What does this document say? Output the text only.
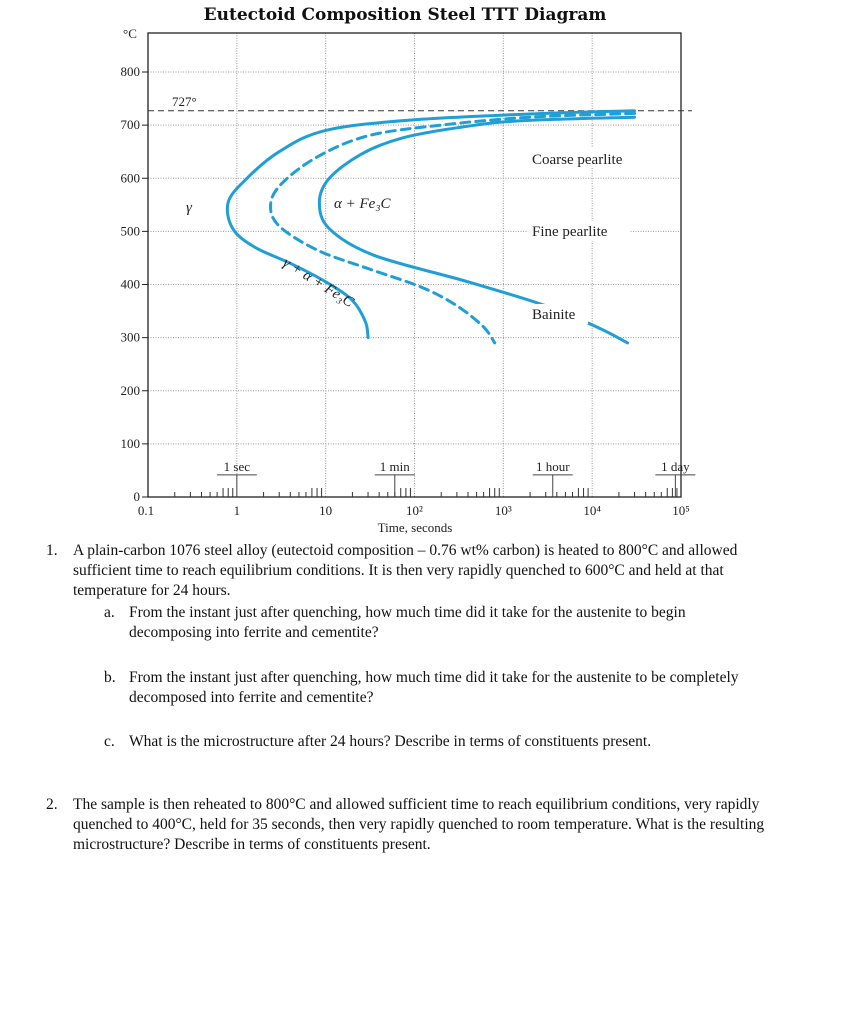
Eutectoid Composition Steel TTT Diagram
0
100
200
300
400
500
600
700
800
0.1	1	10	10²	10³	10⁴	10⁵
°C
Time, seconds
727°
1 sec	1 min	1 hour	1 day
γ	α + Fe₃C
γ + α + Fe₃C
Coarse pearlite
Fine pearlite
Bainite
1. A plain-carbon 1076 steel alloy (eutectoid composition – 0.76 wt% carbon) is heated to 800°C and allowed sufficient time to reach equilibrium conditions. It is then very rapidly quenched to 600°C and held at that temperature for 24 hours.
a. From the instant just after quenching, how much time did it take for the austenite to begin decomposing into ferrite and cementite?
b. From the instant just after quenching, how much time did it take for the austenite to be completely decomposed into ferrite and cementite?
c. What is the microstructure after 24 hours? Describe in terms of constituents present.
2. The sample is then reheated to 800°C and allowed sufficient time to reach equilibrium conditions, very rapidly quenched to 400°C, held for 35 seconds, then very rapidly quenched to room temperature. What is the resulting microstructure? Describe in terms of constituents present.
